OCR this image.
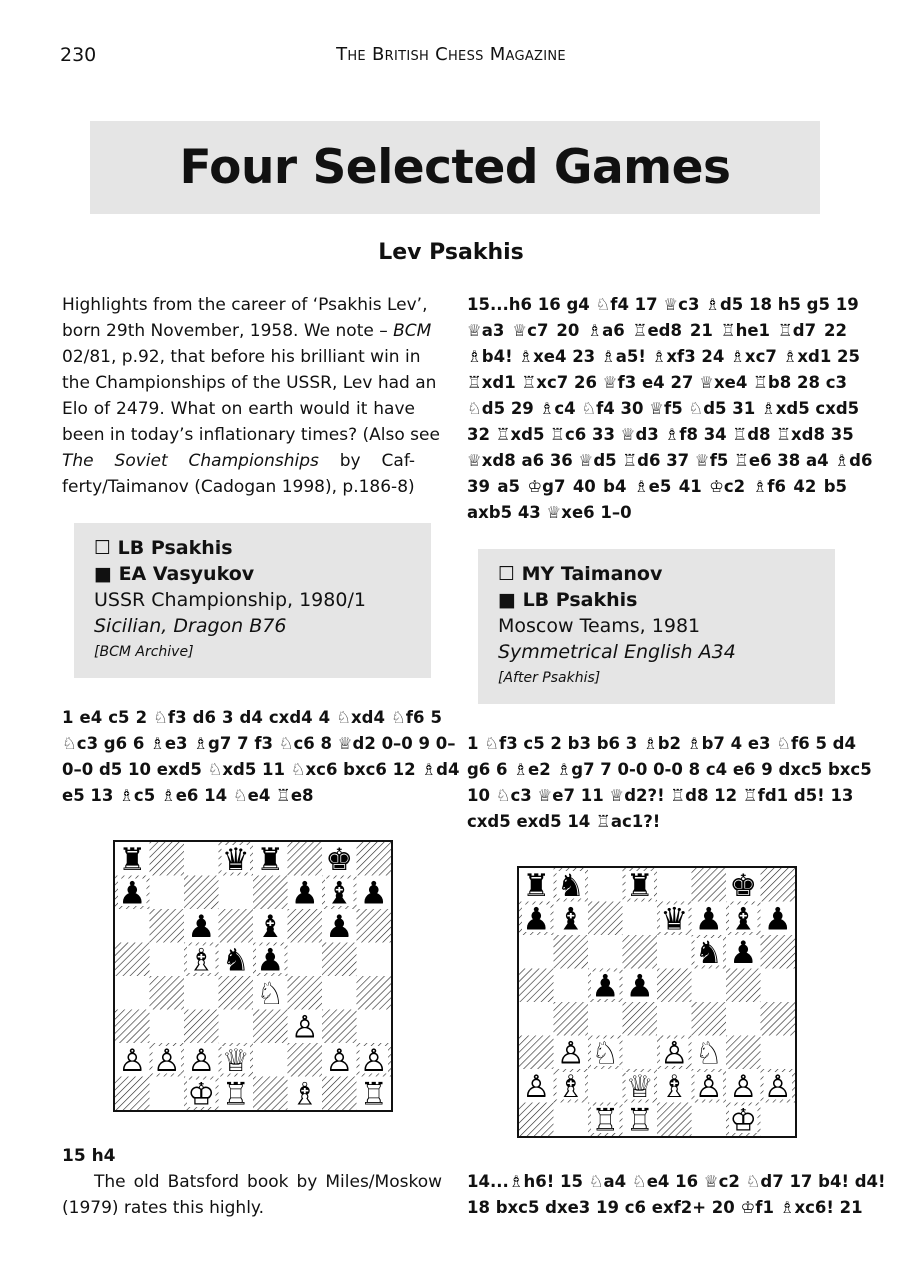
230	The British Chess Magazine
Four Selected Games
Lev Psakhis
Highlights from the career of ‘Psakhis Lev’,
born 29th November, 1958. We note – BCM
02/81, p.92, that before his brilliant win in
the Championships of the USSR, Lev had an
Elo of 2479. What on earth would it have
been in today’s inflationary times? (Also see
The Soviet Championships by Caf-
ferty/Taimanov (Cadogan 1998), p.186-8)
☐ LB Psakhis
■ EA Vasyukov
USSR Championship, 1980/1
Sicilian, Dragon B76
[BCM Archive]
1 e4 c5 2 ♘f3 d6 3 d4 cxd4 4 ♘xd4 ♘f6 5
♘c3 g6 6 ♗e3 ♗g7 7 f3 ♘c6 8 ♕d2 0–0 9 0–
0–0 d5 10 exd5 ♘xd5 11 ♘xc6 bxc6 12 ♗d4
e5 13 ♗c5 ♗e6 14 ♘e4 ♖e8
♜ ♛ ♜ ♚
♟	♟ ♝ ♟
♟ ♝ ♟
♗ ♞ ♟
♘
♙
♙ ♙ ♙ ♕ ♙ ♙
♔ ♖ ♗ ♖
15 h4
The old Batsford book by Miles/Moskow (1979) rates this highly.
15...h6 16 g4 ♘f4 17 ♕c3 ♗d5 18 h5 g5 19
♕a3 ♕c7 20 ♗a6 ♖ed8 21 ♖he1 ♖d7 22
♗b4! ♗xe4 23 ♗a5! ♗xf3 24 ♗xc7 ♗xd1 25
♖xd1 ♖xc7 26 ♕f3 e4 27 ♕xe4 ♖b8 28 c3
♘d5 29 ♗c4 ♘f4 30 ♕f5 ♘d5 31 ♗xd5 cxd5
32 ♖xd5 ♖c6 33 ♕d3 ♗f8 34 ♖d8 ♖xd8 35
♕xd8 a6 36 ♕d5 ♖d6 37 ♕f5 ♖e6 38 a4 ♗d6
39 a5 ♔g7 40 b4 ♗e5 41 ♔c2 ♗f6 42 b5
axb5 43 ♕xe6 1–0
☐ MY Taimanov
■ LB Psakhis
Moscow Teams, 1981
Symmetrical English A34
[After Psakhis]
1 ♘f3 c5 2 b3 b6 3 ♗b2 ♗b7 4 e3 ♘f6 5 d4
g6 6 ♗e2 ♗g7 7 0-0 0-0 8 c4 e6 9 dxc5 bxc5
10 ♘c3 ♕e7 11 ♕d2?! ♖d8 12 ♖fd1 d5! 13
cxd5 exd5 14 ♖ac1?!
♜ ♞ ♜ ♚
♟ ♝ ♛ ♟ ♝ ♟
♞ ♟
♟ ♟
♙ ♘ ♙ ♘
♙ ♗ ♕ ♗ ♙ ♙ ♙
♖ ♖ ♔
14...♗h6! 15 ♘a4 ♘e4 16 ♕c2 ♘d7 17 b4! d4!
18 bxc5 dxe3 19 c6 exf2+ 20 ♔f1 ♗xc6! 21
